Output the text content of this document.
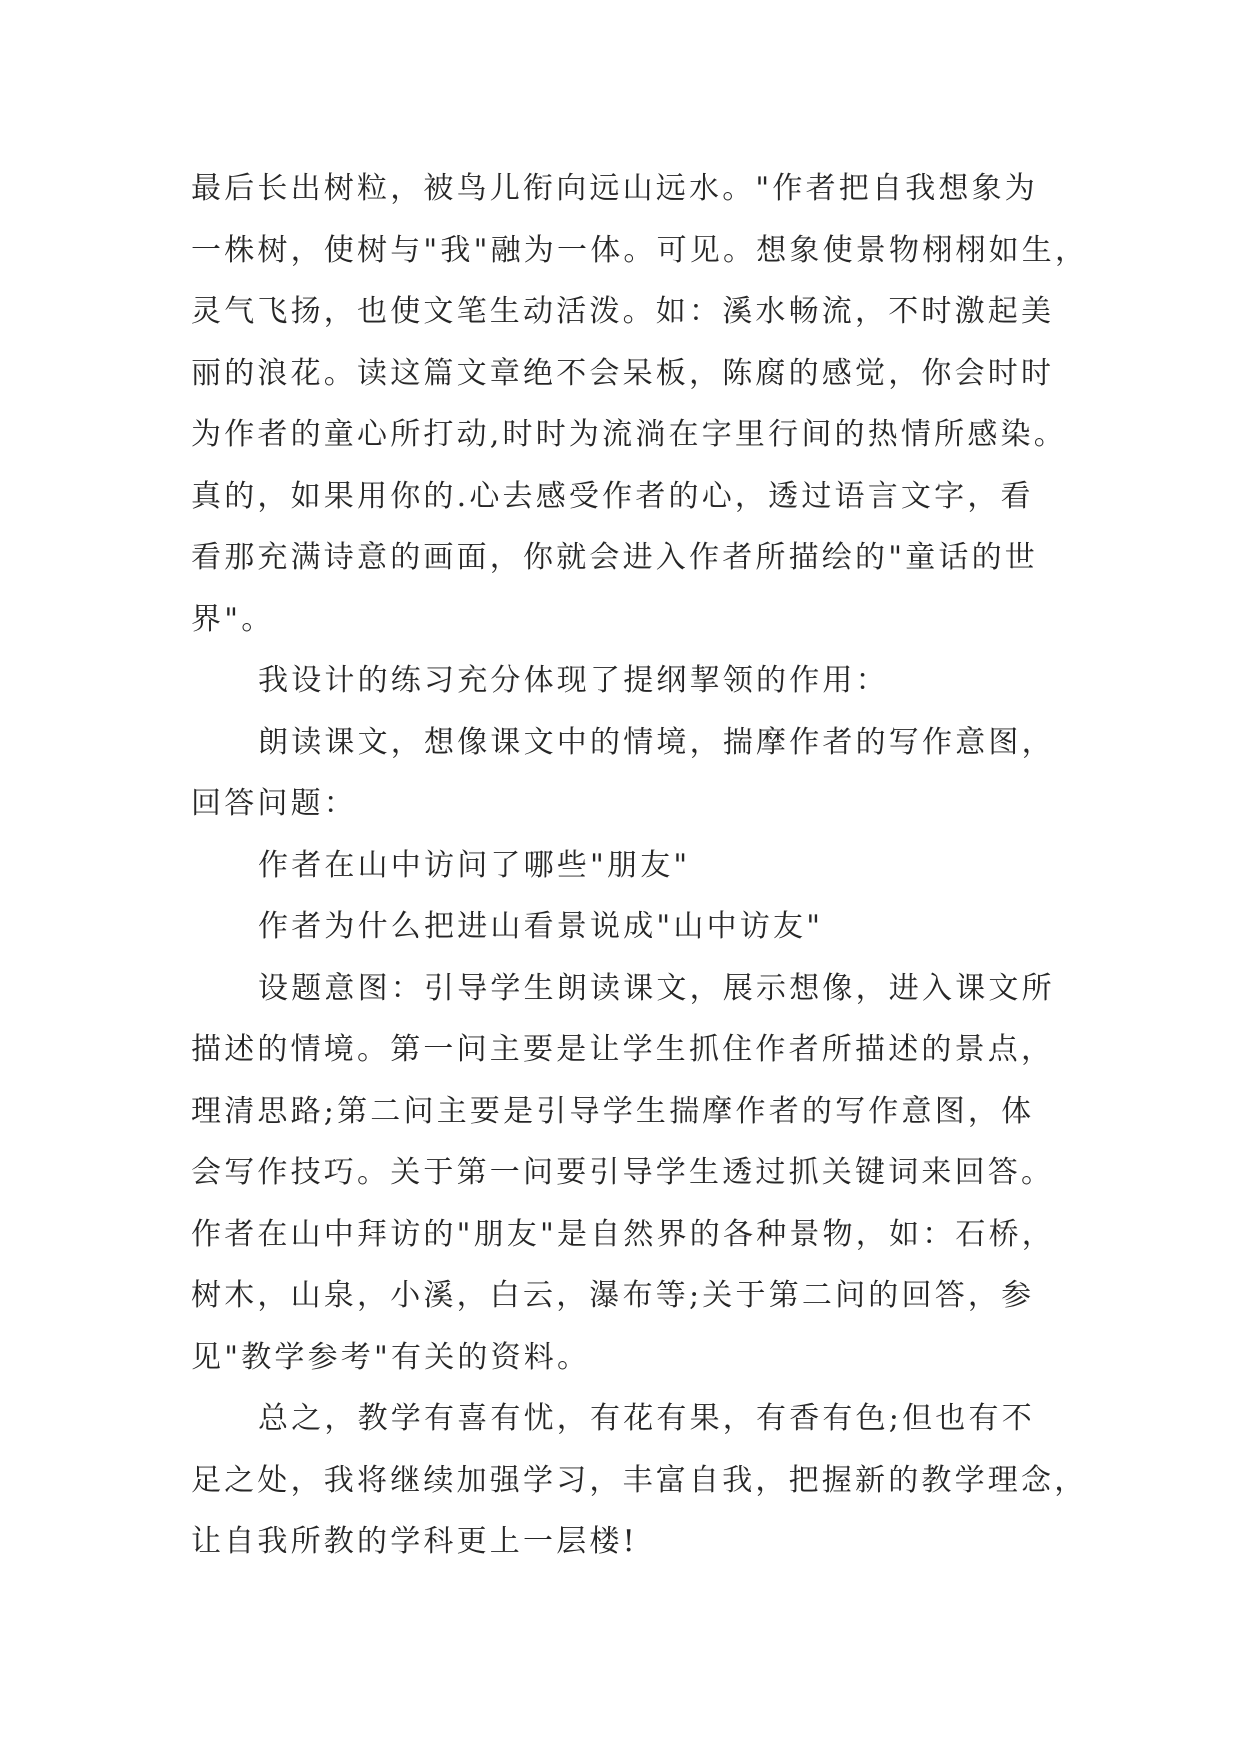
最后长出树粒，被鸟儿衔向远山远水。"作者把自我想象为
一株树，使树与"我"融为一体。可见。想象使景物栩栩如生，
灵气飞扬，也使文笔生动活泼。如：溪水畅流，不时激起美
丽的浪花。读这篇文章绝不会呆板，陈腐的感觉，你会时时
为作者的童心所打动,时时为流淌在字里行间的热情所感染。
真的，如果用你的.心去感受作者的心，透过语言文字，看
看那充满诗意的画面，你就会进入作者所描绘的"童话的世
界"。
我设计的练习充分体现了提纲挈领的作用：
朗读课文，想像课文中的情境，揣摩作者的写作意图，
回答问题：
作者在山中访问了哪些"朋友"
作者为什么把进山看景说成"山中访友"
设题意图：引导学生朗读课文，展示想像，进入课文所
描述的情境。第一问主要是让学生抓住作者所描述的景点，
理清思路;第二问主要是引导学生揣摩作者的写作意图，体
会写作技巧。关于第一问要引导学生透过抓关键词来回答。
作者在山中拜访的"朋友"是自然界的各种景物，如：石桥，
树木，山泉，小溪，白云，瀑布等;关于第二问的回答，参
见"教学参考"有关的资料。
总之，教学有喜有忧，有花有果，有香有色;但也有不
足之处，我将继续加强学习，丰富自我，把握新的教学理念，
让自我所教的学科更上一层楼!
